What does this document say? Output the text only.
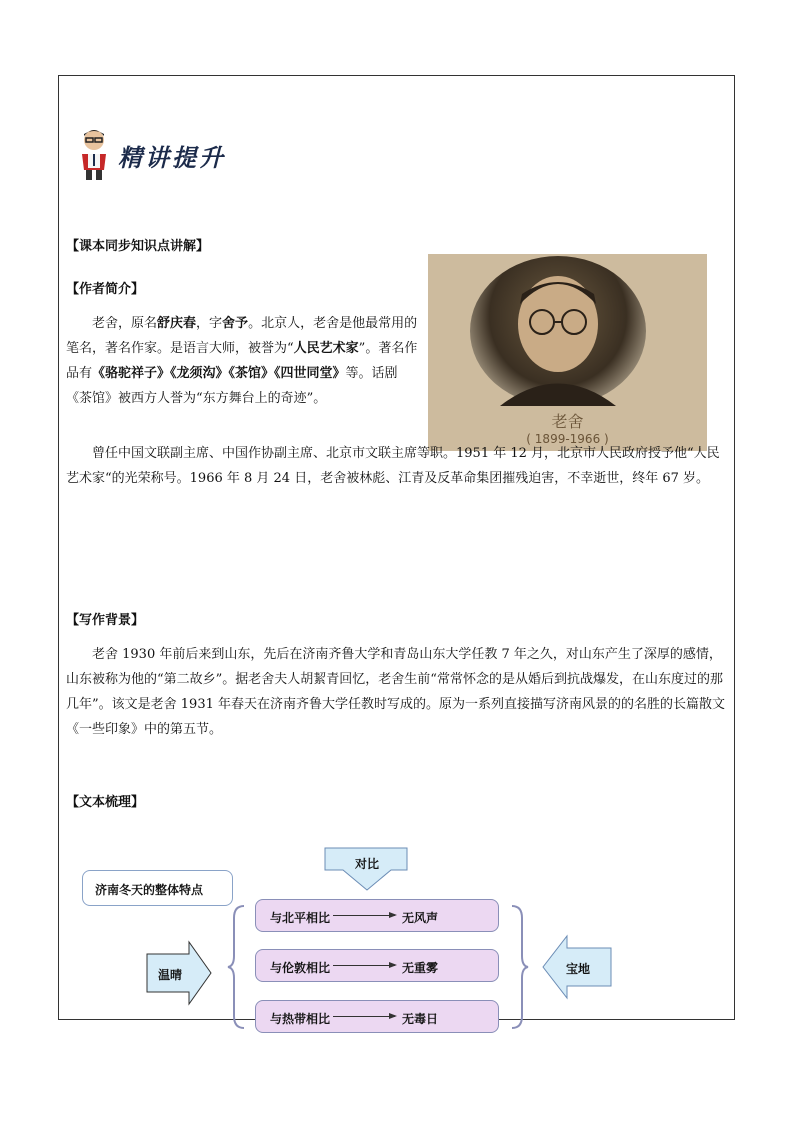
精讲提升
【课本同步知识点讲解】
【作者简介】
老舍，原名舒庆春，字舍予。北京人，老舍是他最常用的笔名，著名作家。是语言大师，被誉为“人民艺术家”。著名作品有《骆驼祥子》《龙须沟》《茶馆》《四世同堂》等。话剧《茶馆》被西方人誉为“东方舞台上的奇迹”。
老舍
( 1899-1966 )
曾任中国文联副主席、中国作协副主席、北京市文联主席等职。1951 年 12 月，北京市人民政府授予他“人民艺术家“的光荣称号。1966 年 8 月 24 日，老舍被林彪、江青及反革命集团摧残迫害，不幸逝世，终年 67 岁。
【写作背景】
老舍 1930 年前后来到山东，先后在济南齐鲁大学和青岛山东大学任教 7 年之久，对山东产生了深厚的感情，山东被称为他的“第二故乡”。据老舍夫人胡絜青回忆，老舍生前“常常怀念的是从婚后到抗战爆发，在山东度过的那几年”。该文是老舍 1931 年春天在济南齐鲁大学任教时写成的。原为一系列直接描写济南风景的的名胜的长篇散文《一些印象》中的第五节。
【文本梳理】
济南冬天的整体特点
对比
温晴	宝地
与北平相比	无风声
与伦敦相比	无重雾
与热带相比	无毒日
